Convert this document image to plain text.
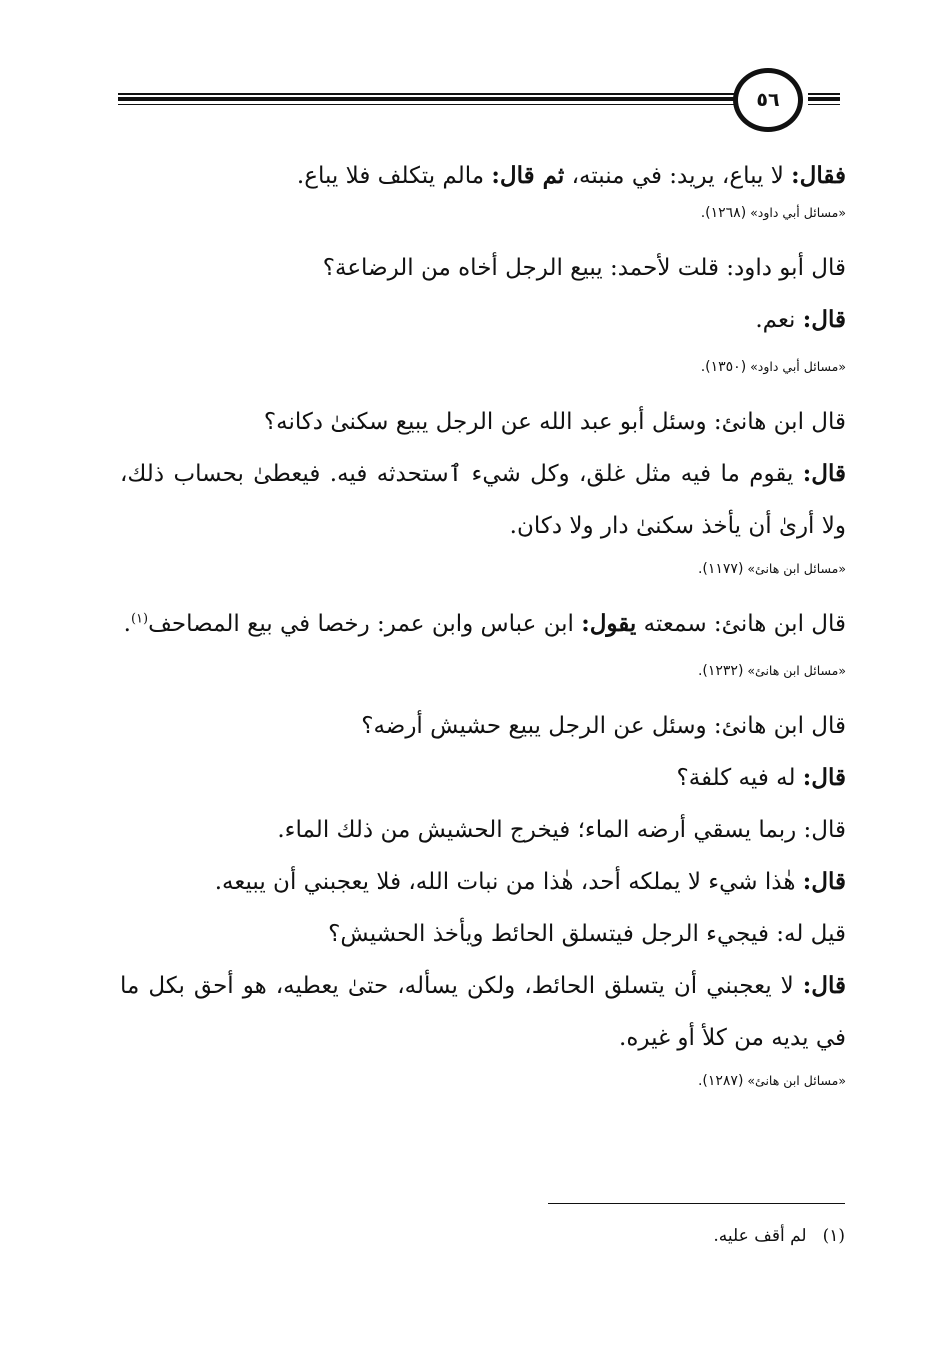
٥٦

فقال: لا يباع، يريد: في منبته، ثم قال: مالم يتكلف فلا يباع.

«مسائل أبي داود» (١٢٦٨).

قال أبو داود: قلت لأحمد: يبيع الرجل أخاه من الرضاعة؟

قال: نعم.

«مسائل أبي داود» (١٣٥٠).

قال ابن هانئ: وسئل أبو عبد الله عن الرجل يبيع سكنىٰ دكانه؟

قال: يقوم ما فيه مثل غلق، وكل شيء ٱستحدثه فيه. فيعطىٰ بحساب ذلك، ولا أرىٰ أن يأخذ سكنىٰ دار ولا دكان.

«مسائل ابن هانئ» (١١٧٧).

قال ابن هانئ: سمعته يقول: ابن عباس وابن عمر: رخصا في بيع المصاحف$^{(١)}$.

«مسائل ابن هانئ» (١٢٣٢).

قال ابن هانئ: وسئل عن الرجل يبيع حشيش أرضه؟

قال: له فيه كلفة؟

قال: ربما يسقي أرضه الماء؛ فيخرج الحشيش من ذلك الماء.

قال: هٰذا شيء لا يملكه أحد، هٰذا من نبات الله، فلا يعجبني أن يبيعه.

قيل له: فيجيء الرجل فيتسلق الحائط ويأخذ الحشيش؟

قال: لا يعجبني أن يتسلق الحائط، ولكن يسأله، حتىٰ يعطيه، هو أحق بكل ما في يديه من كلأ أو غيره.

«مسائل ابن هانئ» (١٢٨٧).

(١)لم أقف عليه.
